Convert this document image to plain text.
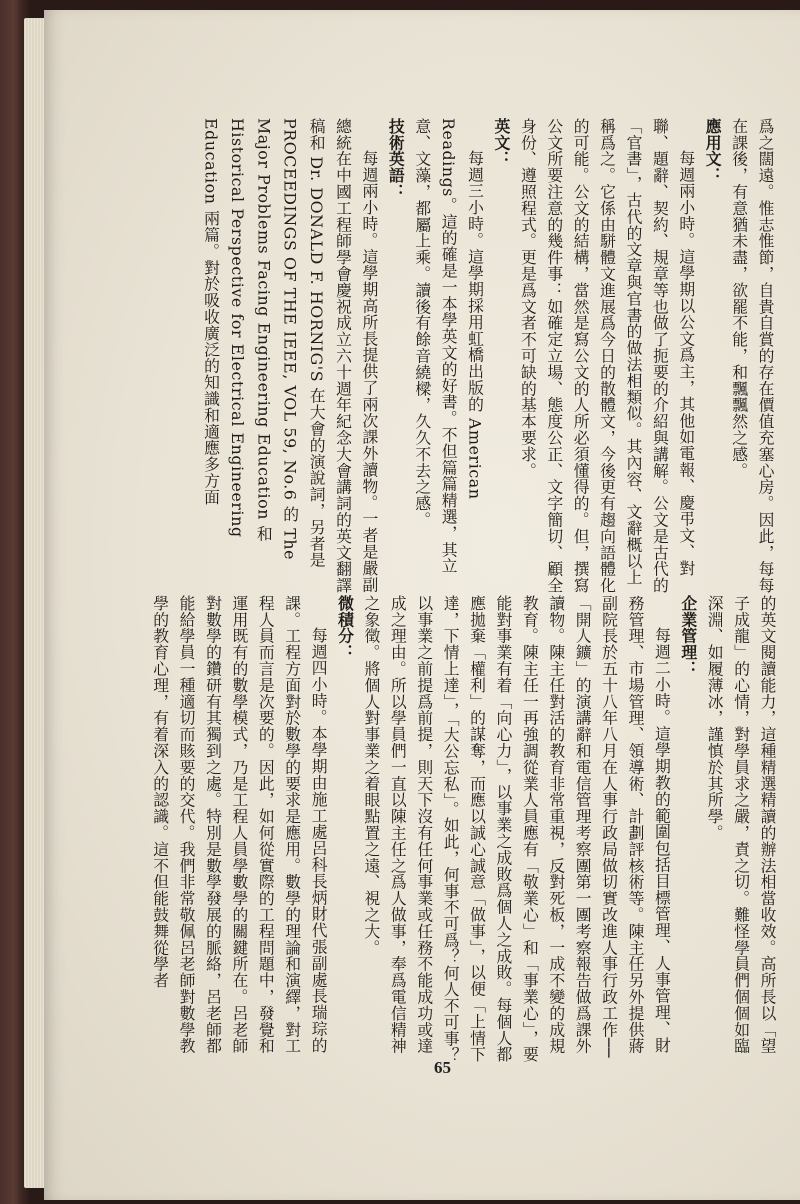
爲之闊遠。惟志惟節，自貴自賞的存在價值充塞心房。因此，每每在課後，有意猶未盡，欲罷不能，和飄飄然之感。

應用文：

每週兩小時。這學期以公文爲主，其他如電報、慶弔文、對聯、題辭、契約、規章等也做了扼要的介紹與講解。公文是古代的「官書」，古代的文章與官書的做法相類似。其內容、文辭概以上稱爲之。它係由駢體文進展爲今日的散體文，今後更有趨向語體化的可能。公文的結構，當然是寫公文的人所必須懂得的。但，撰寫公文所要注意的幾件事：如確定立場、態度公正、文字簡切、顧全身份、遵照程式。更是爲文者不可缺的基本要求。

英文：

每週三小時。這學期採用虹橋出版的 American Readings。這的確是一本學英文的好書。不但篇篇精選，其立意、文藻，都屬上乘。讀後有餘音繞樑，久久不去之感。

技術英語：

每週兩小時。這學期高所長提供了兩次課外讀物。一者是嚴副總統在中國工程師學會慶祝成立六十週年紀念大會講詞的英文翻譯稿和 Dr. DONALD F. HORNIG'S 在大會的演說詞，另者是 PROCEEDINGS OF THE IEEE, VOL 59, No.6 的 The Major Problems Facing Engineering Education 和 Historical Perspective for Electrical Engineering Education 兩篇。對於吸收廣泛的知識和適應多方面

的英文閱讀能力，這種精選精讀的辦法相當收效。高所長以「望子成龍」的心情，對學員求之嚴，責之切。難怪學員們個個如臨深淵、如履薄冰，謹慎於其所學。

企業管理：

每週二小時。這學期教的範圍包括目標管理、人事管理、財務管理、市場管理、領導術、計劃評核術等。陳主任另外提供蔣副院長於五十八年八月在人事行政局做切實改進人事行政工作──「開人鑛」的演講辭和電信管理考察團第一團考察報告做爲課外讀物。陳主任對活的教育非常重視，反對死板，一成不變的成規教育。陳主任一再強調從業人員應有「敬業心」和「事業心」，要能對事業有着「向心力」，以事業之成敗爲個人之成敗。每個人都應拋棄「權利」的謀奪，而應以誠心誠意「做事」，以便「上情下達，下情上達」，「大公忘私」。如此，何事不可爲？何人不可事？以事業之前提爲前提，則天下沒有任何事業或任務不能成功或達成之理由。所以學員們一直以陳主任之爲人做事，奉爲電信精神之象徵。將個人對事業之着眼點置之遠、視之大。

微積分：

每週四小時。本學期由施工處呂科長炳財代張副處長瑞琮的課。工程方面對於數學的要求是應用。數學的理論和演繹，對工程人員而言是次要的。因此，如何從實際的工程問題中，發覺和運用既有的數學模式，乃是工程人員學數學的關鍵所在。呂老師對數學的鑽研有其獨到之處。特別是數學發展的脈絡，呂老師都能給學員一種適切而賅要的交代。我們非常敬佩呂老師對數學教學的教育心理，有着深入的認識。這不但能鼓舞從學者

65
